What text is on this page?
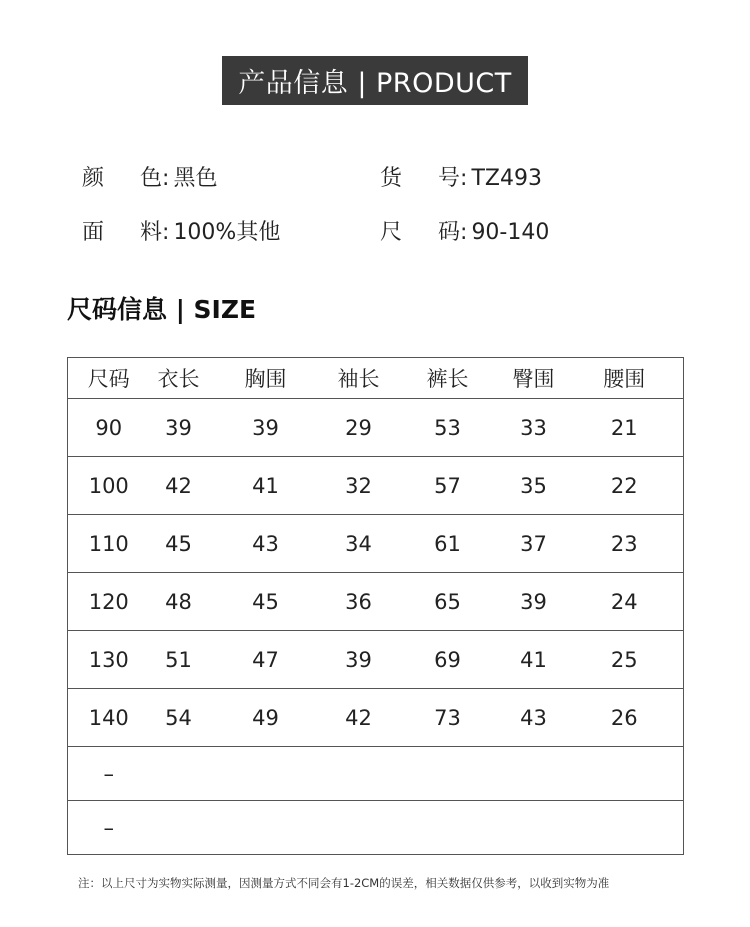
产品信息 | PRODUCT
颜 色: 黑色	货 号: TZ493
面 料: 100%其他	尺 码: 90-140
尺码信息 | SIZE
尺码	衣长	胸围	袖长	裤长	臀围	腰围
90	39	39	29	53	33	21
100	42	41	32	57	35	22
110	45	43	34	61	37	23
120	48	45	36	65	39	24
130	51	47	39	69	41	25
140	54	49	42	73	43	26
–						
–						
注：以上尺寸为实物实际测量，因测量方式不同会有1-2CM的误差，相关数据仅供参考，以收到实物为准
